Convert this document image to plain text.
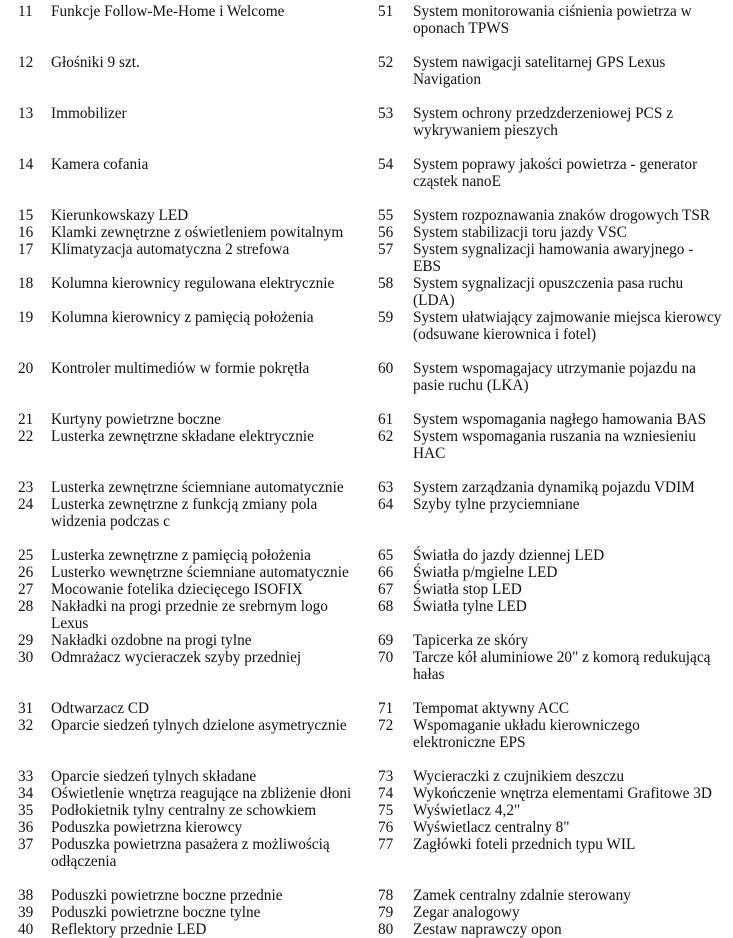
11	Funkcje Follow-Me-Home i Welcome	51	System monitorowania ciśnienia powietrza w oponach TPWS
12	Głośniki 9 szt.	52	System nawigacji satelitarnej GPS Lexus Navigation
13	Immobilizer	53	System ochrony przedzderzeniowej PCS z wykrywaniem pieszych
14	Kamera cofania	54	System poprawy jakości powietrza - generator cząstek nanoE
15	Kierunkowskazy LED	55	System rozpoznawania znaków drogowych TSR
16	Klamki zewnętrzne z oświetleniem powitalnym	56	System stabilizacji toru jazdy VSC
17	Klimatyzacja automatyczna 2 strefowa	57	System sygnalizacji hamowania awaryjnego - EBS
18	Kolumna kierownicy regulowana elektrycznie	58	System sygnalizacji opuszczenia pasa ruchu (LDA)
19	Kolumna kierownicy z pamięcią położenia	59	System ułatwiający zajmowanie miejsca kierowcy (odsuwane kierownica i fotel)
20	Kontroler multimediów w formie pokrętła	60	System wspomagajacy utrzymanie pojazdu na pasie ruchu (LKA)
21	Kurtyny powietrzne boczne	61	System wspomagania nagłego hamowania BAS
22	Lusterka zewnętrzne składane elektrycznie	62	System wspomagania ruszania na wzniesieniu HAC
23	Lusterka zewnętrzne ściemniane automatycznie	63	System zarządzania dynamiką pojazdu VDIM
24	Lusterka zewnętrzne z funkcją zmiany pola widzenia podczas c	64	Szyby tylne przyciemniane
25	Lusterka zewnętrzne z pamięcią położenia	65	Światła do jazdy dziennej LED
26	Lusterko wewnętrzne ściemniane automatycznie	66	Światła p/mgielne LED
27	Mocowanie fotelika dziecięcego ISOFIX	67	Światła stop LED
28	Nakładki na progi przednie ze srebrnym logo Lexus	68	Światła tylne LED
29	Nakładki ozdobne na progi tylne	69	Tapicerka ze skóry
30	Odmrażacz wycieraczek szyby przedniej	70	Tarcze kół aluminiowe 20" z komorą redukującą hałas
31	Odtwarzacz CD	71	Tempomat aktywny ACC
32	Oparcie siedzeń tylnych dzielone asymetrycznie	72	Wspomaganie układu kierowniczego elektroniczne EPS
33	Oparcie siedzeń tylnych składane	73	Wycieraczki z czujnikiem deszczu
34	Oświetlenie wnętrza reagujące na zbliżenie dłoni	74	Wykończenie wnętrza elementami Grafitowe 3D
35	Podłokietnik tylny centralny ze schowkiem	75	Wyświetlacz 4,2"
36	Poduszka powietrzna kierowcy	76	Wyświetlacz centralny 8"
37	Poduszka powietrzna pasażera z możliwością odłączenia	77	Zagłówki foteli przednich typu WIL
38	Poduszki powietrzne boczne przednie	78	Zamek centralny zdalnie sterowany
39	Poduszki powietrzne boczne tylne	79	Zegar analogowy
40	Reflektory przednie LED	80	Zestaw naprawczy opon
